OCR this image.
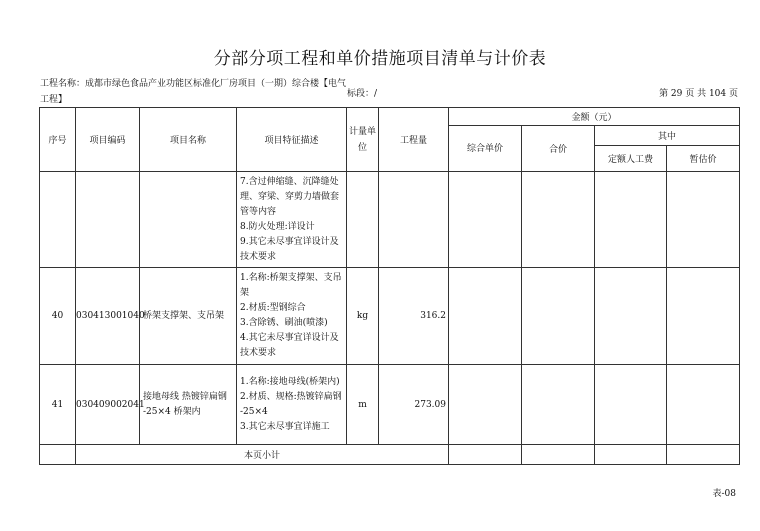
分部分项工程和单价措施项目清单与计价表
工程名称：成都市绿色食品产业功能区标准化厂房项目（一期）综合楼【电气工程】
标段：/	第 29 页 共 104 页
序号	项目编码	项目名称	项目特征描述	计量单位	工程量	金额（元）			
						综合单价	合价	其中	
								定额人工费	暂估价

			7.含过伸缩缝、沉降缝处理、穿梁、穿剪力墙做套管等内容
8.防火处理:详设计
9.其它未尽事宜详设计及技术要求						

40	030413001040	桥架支撑架、支吊架	1.名称:桥架支撑架、支吊架
2.材质:型钢综合
3.含除锈、刷油(喷漆)
4.其它未尽事宜详设计及技术要求	kg	316.2				
41	030409002041	接地母线 热镀锌扁钢 -25×4 桥架内	1.名称:接地母线(桥架内)
2.材质、规格:热镀锌扁钢 -25×4
3.其它未尽事宜详施工	m	273.09				
	本页小计								
表-08
